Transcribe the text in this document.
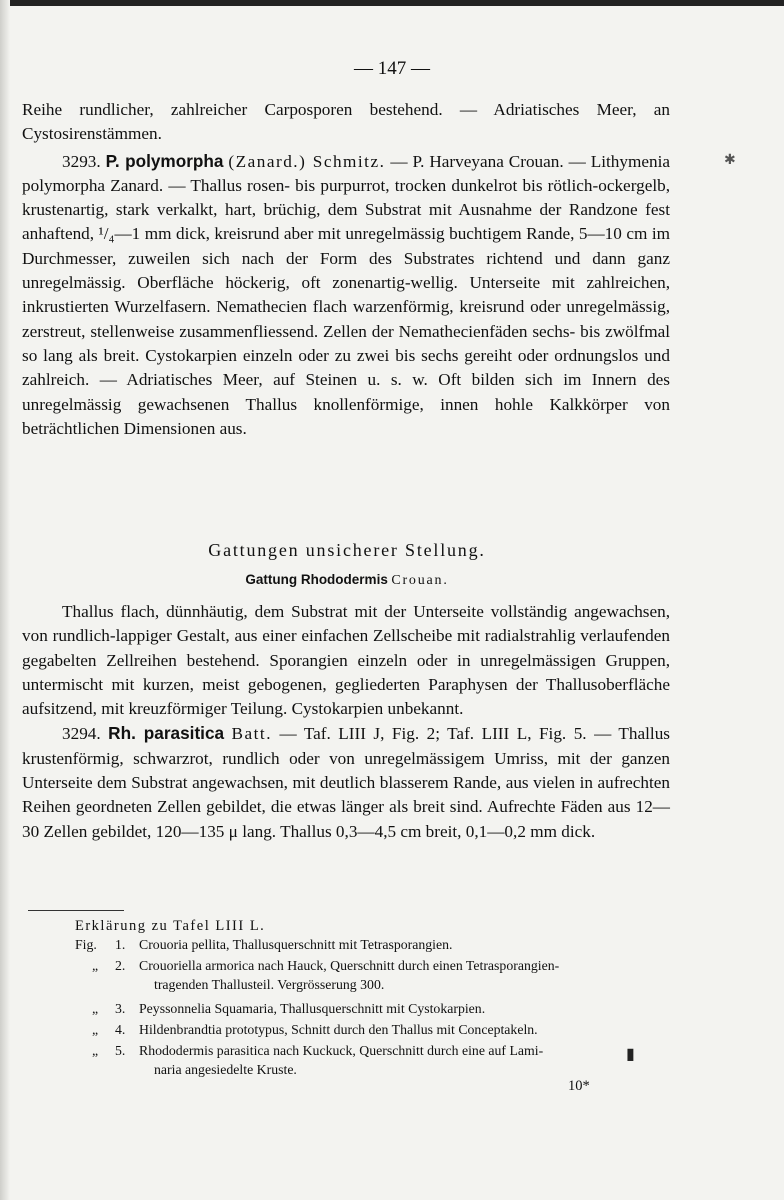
— 147 —

Reihe rundlicher, zahlreicher Carposporen bestehend. — Adriatisches Meer, an Cystosirenstämmen.

3293. P. polymorpha (Zanard.) Schmitz. — P. Harveyana Crouan. — Lithymenia polymorpha Zanard. — Thallus rosen- bis purpurrot, trocken dunkelrot bis rötlich-ockergelb, krustenartig, stark verkalkt, hart, brüchig, dem Substrat mit Ausnahme der Randzone fest anhaftend, ¹/₄—1 mm dick, kreisrund aber mit unregelmässig buchtigem Rande, 5—10 cm im Durchmesser, zuweilen sich nach der Form des Substrates richtend und dann ganz unregelmässig. Oberfläche höckerig, oft zonenartig-wellig. Unterseite mit zahlreichen, inkrustierten Wurzelfasern. Nemathecien flach warzenförmig, kreisrund oder unregelmässig, zerstreut, stellenweise zusammenfliessend. Zellen der Nemathecienfäden sechs- bis zwölfmal so lang als breit. Cystokarpien einzeln oder zu zwei bis sechs gereiht oder ordnungslos und zahlreich. — Adriatisches Meer, auf Steinen u. s. w. Oft bilden sich im Innern des unregelmässig gewachsenen Thallus knollenförmige, innen hohle Kalkkörper von beträchtlichen Dimensionen aus.

Gattungen unsicherer Stellung.
Gattung Rhododermis Crouan.

Thallus flach, dünnhäutig, dem Substrat mit der Unterseite vollständig angewachsen, von rundlich-lappiger Gestalt, aus einer einfachen Zellscheibe mit radialstrahlig verlaufenden gegabelten Zellreihen bestehend. Sporangien einzeln oder in unregelmässigen Gruppen, untermischt mit kurzen, meist gebogenen, gegliederten Paraphysen der Thallusoberfläche aufsitzend, mit kreuzförmiger Teilung. Cystokarpien unbekannt.

3294. Rh. parasitica Batt. — Taf. LIII J, Fig. 2; Taf. LIII L, Fig. 5. — Thallus krustenförmig, schwarzrot, rundlich oder von unregelmässigem Umriss, mit der ganzen Unterseite dem Substrat angewachsen, mit deutlich blasserem Rande, aus vielen in aufrechten Reihen geordneten Zellen gebildet, die etwas länger als breit sind. Aufrechte Fäden aus 12—30 Zellen gebildet, 120—135 μ lang. Thallus 0,3—4,5 cm breit, 0,1—0,2 mm dick.

Erklärung zu Tafel LIII L.
Fig. 1. Crouoria pellita, Thallusquerschnitt mit Tetrasporangien.
„ 2. Crouoriella armorica nach Hauck, Querschnitt durch einen Tetrasporangien-
tragenden Thallusteil. Vergrösserung 300.
„ 3. Peyssonnelia Squamaria, Thallusquerschnitt mit Cystokarpien.
„ 4. Hildenbrandtia prototypus, Schnitt durch den Thallus mit Conceptakeln.
„ 5. Rhododermis parasitica nach Kuckuck, Querschnitt durch eine auf Lami-
naria angesiedelte Kruste.
10*
✱
▮
